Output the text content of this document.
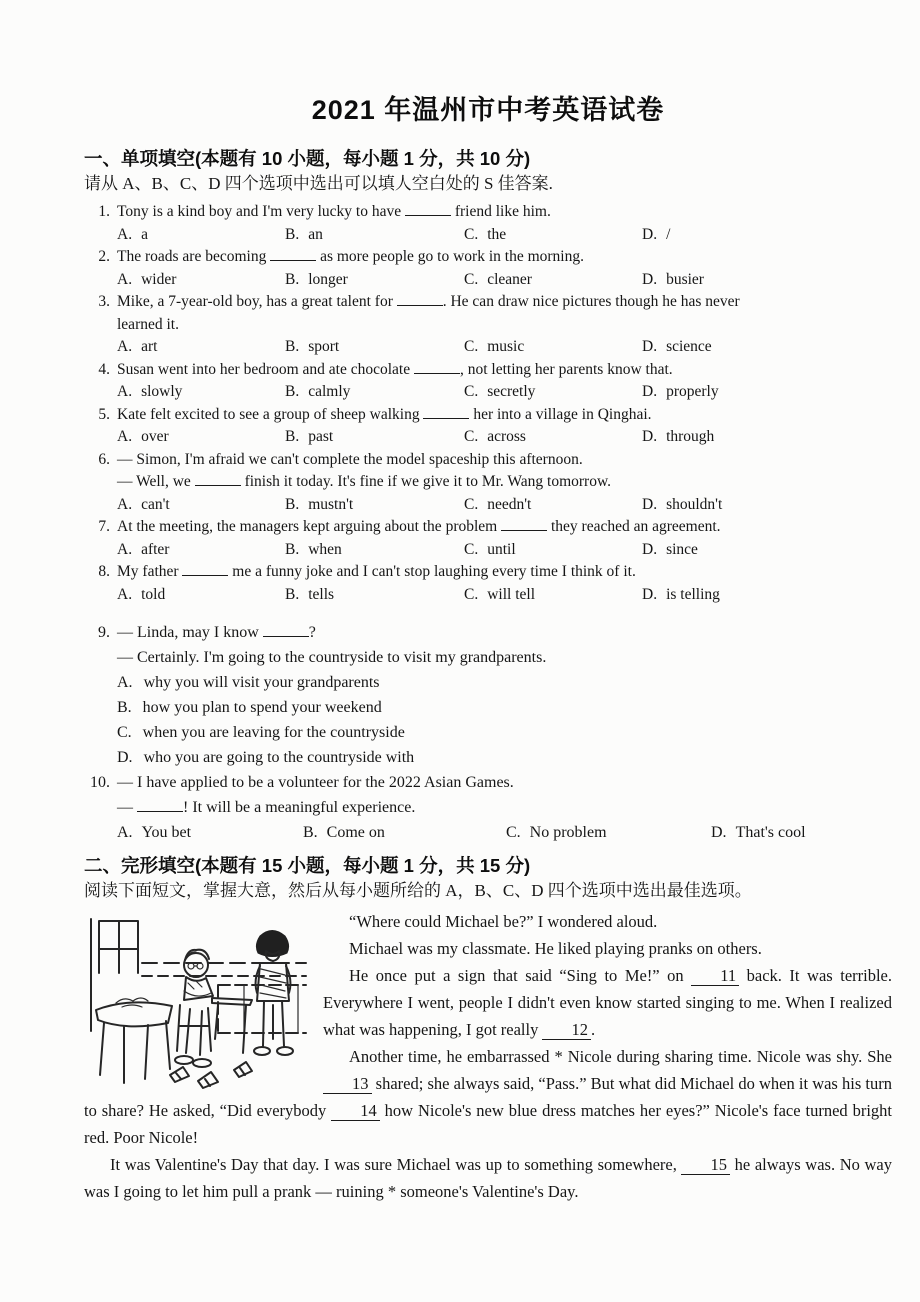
2021 年温州市中考英语试卷
一、单项填空(本题有 10 小题，每小题 1 分，共 10 分)
请从 A、B、C、D 四个选项中选出可以填人空白处的 S 佳答案.
1. Tony is a kind boy and I'm very lucky to have	friend like him.
A. a	B. an	C. the	D. /
2. The roads are becoming	as more people go to work in the morning.
A. wider	B. longer	C. cleaner	D. busier
3. Mike, a 7-year-old boy, has a great talent for	. He can draw nice pictures though he has never
learned it.
A. art	B. sport	C. music	D. science
4. Susan went into her bedroom and ate chocolate	, not letting her parents know that.
A. slowly	B. calmly	C. secretly	D. properly
5. Kate felt excited to see a group of sheep walking	her into a village in Qinghai.
A. over	B. past	C. across	D. through
6. — Simon, I'm afraid we can't complete the model spaceship this afternoon.
— Well, we	finish it today. It's fine if we give it to Mr. Wang tomorrow.
A. can't	B. mustn't	C. needn't	D. shouldn't
7. At the meeting, the managers kept arguing about the problem	they reached an agreement.
A. after	B. when	C. until	D. since
8. My father	me a funny joke and I can't stop laughing every time I think of it.
A. told	B. tells	C. will tell	D. is telling
9. — Linda, may I know	?
— Certainly. I'm going to the countryside to visit my grandparents.
A. why you will visit your grandparents
B. how you plan to spend your weekend
C. when you are leaving for the countryside
D. who you are going to the countryside with
10. — I have applied to be a volunteer for the 2022 Asian Games.
—	! It will be a meaningful experience.
A. You bet	B. Come on	C. No problem	D. That's cool
二、完形填空(本题有 15 小题，每小题 1 分，共 15 分)
阅读下面短文，掌握大意，然后从每小题所给的 A，B、C、D 四个选项中选出最佳选项。

“Where could Michael be?” I wondered aloud.

Michael was my classmate. He liked playing pranks on others.

He once put a sign that said “Sing to Me!” on 11 back. It was terrible. Everywhere I went, people I didn't even know started singing to me. When I realized what was happening, I got really 12 .

Another time, he embarrassed * Nicole during sharing time. Nicole was shy. She 13 shared; she always said, “Pass.” But what did Michael do when it was his turn to share? He asked, “Did everybody 14 how Nicole's new blue dress matches her eyes?” Nicole's face turned bright red. Poor Nicole!

It was Valentine's Day that day. I was sure Michael was up to something somewhere, 15 he always was. No way was I going to let him pull a prank — ruining * someone's Valentine's Day.
